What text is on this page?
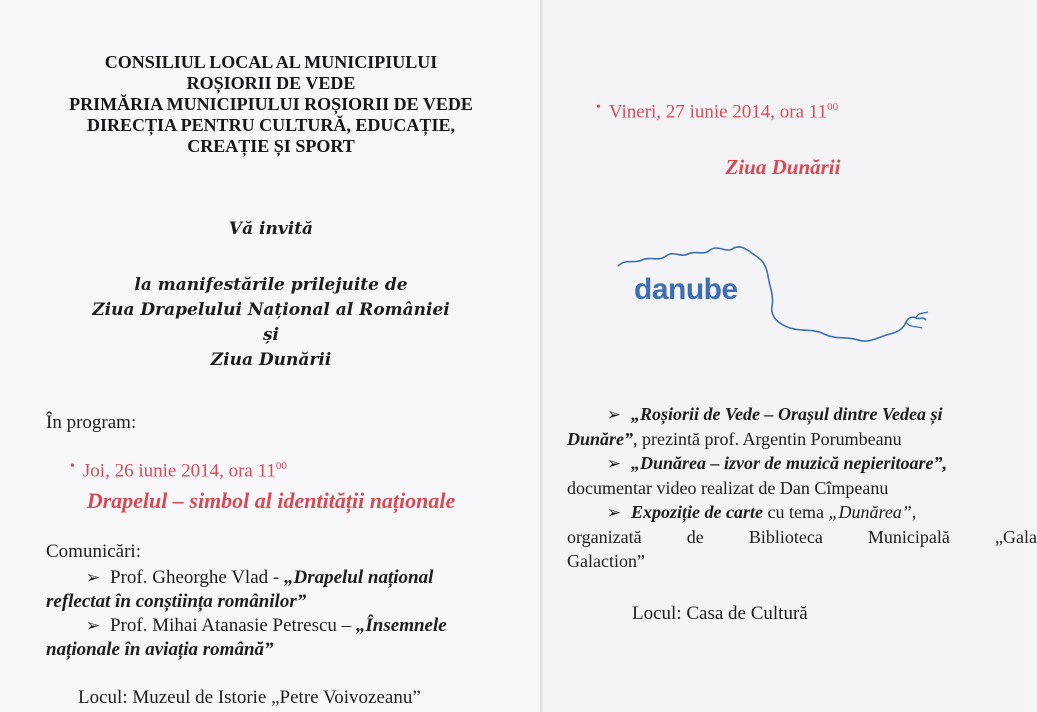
CONSILIUL LOCAL AL MUNICIPIULUI
ROȘIORII DE VEDE
PRIMĂRIA MUNICIPIULUI ROȘIORII DE VEDE
DIRECȚIA PENTRU CULTURĂ, EDUCAȚIE,
CREAȚIE ȘI SPORT
Vă invită
la manifestările prilejuite de
Ziua Drapelului Național al României
și
Ziua Dunării
În program:
• Joi, 26 iunie 2014, ora $11^{00}$
Drapelul – simbol al identității naționale
Comunicări:
➢ Prof. Gheorghe Vlad - „Drapelul național
reflectat în conștiința românilor”
➢ Prof. Mihai Atanasie Petrescu – „Însemnele
naționale în aviația română”
Locul: Muzeul de Istorie „Petre Voivozeanu”
• Vineri, 27 iunie 2014, ora $11^{00}$
Ziua Dunării
danube
➢ „Roșiorii de Vede – Orașul dintre Vedea și
Dunăre”, prezintă prof. Argentin Porumbeanu
➢ „Dunărea – izvor de muzică nepieritoare”,
documentar video realizat de Dan Cîmpeanu
➢ Expoziție de carte cu tema „Dunărea”,
organizată	de	Biblioteca	Municipală	„Gala
Galaction”
Locul: Casa de Cultură
